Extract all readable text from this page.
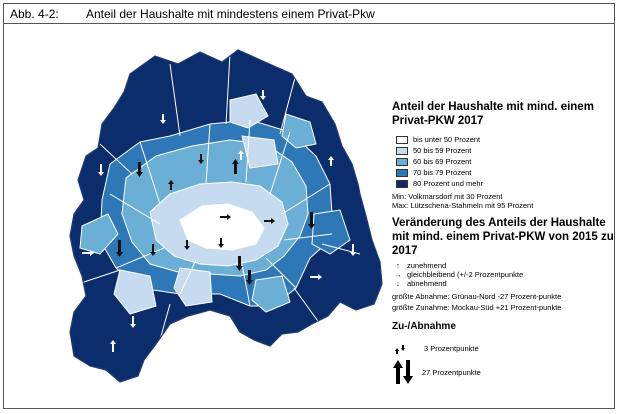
Abb. 4-2: Anteil der Haushalte mit mindestens einem Privat-Pkw
Anteil der Haushalte mit mind. einem Privat-PKW 2017
bis unter 50 Prozent
50 bis 59 Prozent
60 bis 69 Prozent
70 bis 79 Prozent
80 Prozent und mehr
Min: Volkmarsdorf mit 30 Prozent
Max: Lützschena-Stahmeln mit 95 Prozent
Veränderung des Anteils der Haushalte mit mind. einem Privat-PKW von 2015 zu 2017
↑ zunehmend
→ gleichbleibend (+/-2 Prozentpunkte
↓ abnehmend
größte Abnahme: Grünau-Nord -27 Prozent-punkte
größte Zunahme: Mockau-Süd +21 Prozent-punkte
Zu-/Abnahme
3 Prozentpunkte
27 Prozentpunkte
